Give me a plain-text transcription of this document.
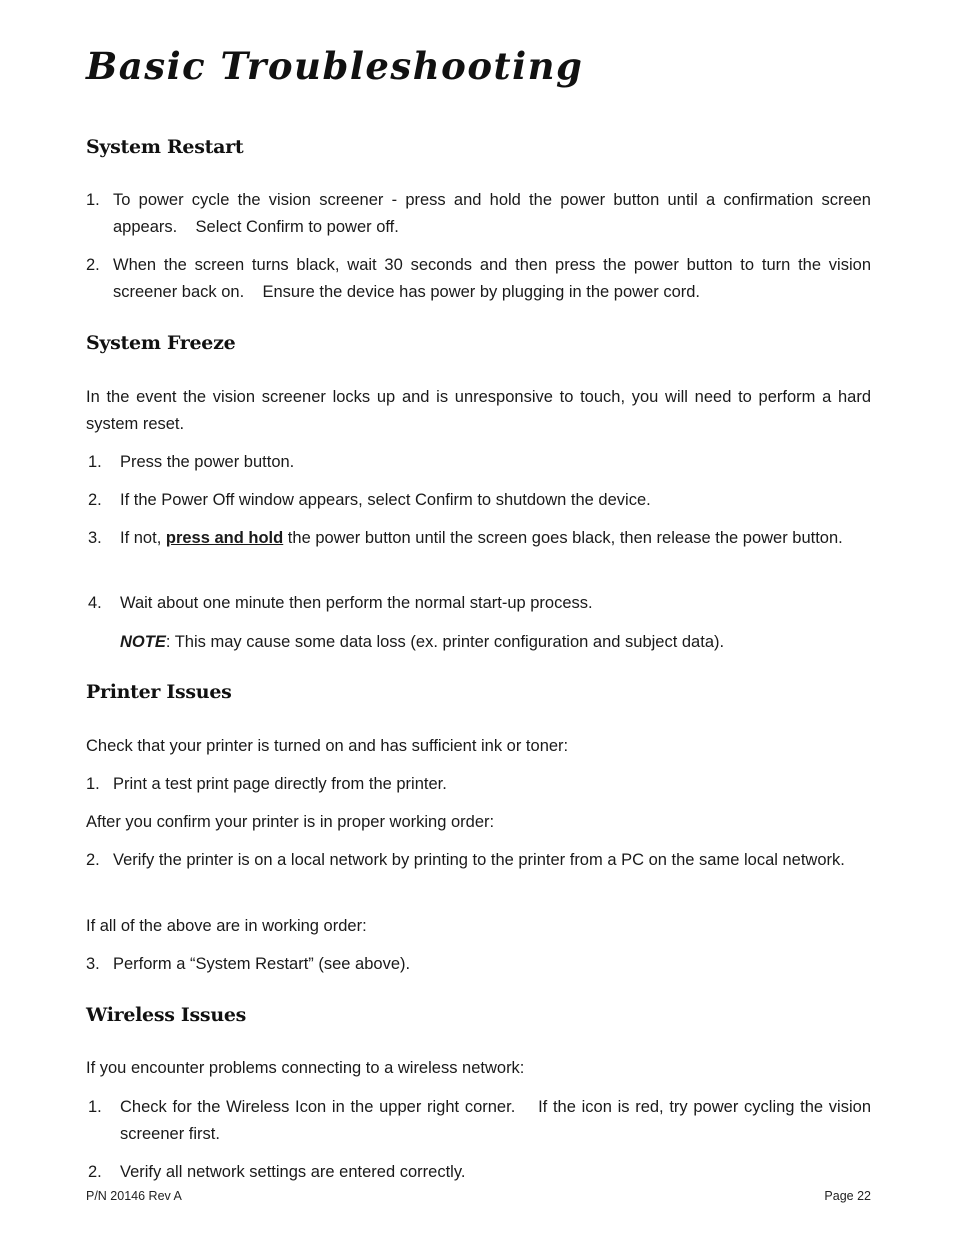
Basic Troubleshooting
System Restart
1. To power cycle the vision screener - press and hold the power button until a confirmation screen appears.    Select Confirm to power off.
2. When the screen turns black, wait 30 seconds and then press the power button to turn the vision screener back on.    Ensure the device has power by plugging in the power cord.
System Freeze

In the event the vision screener locks up and is unresponsive to touch, you will need to perform a hard system reset.

1. Press the power button.
2. If the Power Off window appears, select Confirm to shutdown the device.
3. If not, press and hold the power button until the screen goes black, then release the power button.
4. Wait about one minute then perform the normal start-up process.

NOTE: This may cause some data loss (ex. printer configuration and subject data).

Printer Issues

Check that your printer is turned on and has sufficient ink or toner:

1. Print a test print page directly from the printer.

After you confirm your printer is in proper working order:

2. Verify the printer is on a local network by printing to the printer from a PC on the same local network.

If all of the above are in working order:

3. Perform a “System Restart” (see above).
Wireless Issues

If you encounter problems connecting to a wireless network:

1. Check for the Wireless Icon in the upper right corner.    If the icon is red, try power cycling the vision screener first.
2. Verify all network settings are entered correctly.
P/N 20146 Rev A	Page 22
